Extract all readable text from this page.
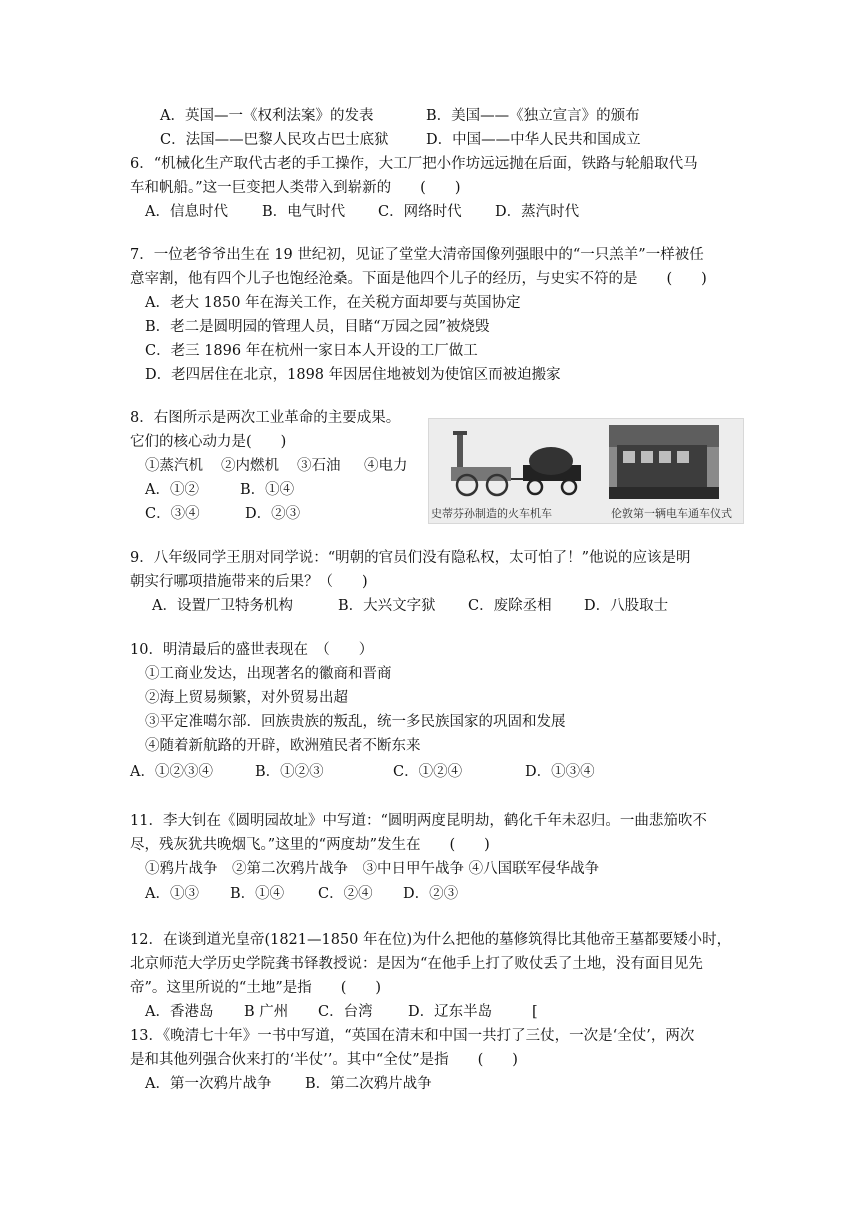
A．英国—一《权利法案》的发表	B．美国——《独立宣言》的颁布
C．法国——巴黎人民攻占巴士底狱	D．中国——中华人民共和国成立
6．“机械化生产取代古老的手工操作，大工厂把小作坊远远抛在后面，铁路与轮船取代马
车和帆船。”这一巨变把人类带入到崭新的　　(　　)
A．信息时代 B．电气时代 C．网络时代 D．蒸汽时代
7．一位老爷爷出生在 19 世纪初，见证了堂堂大清帝国像列强眼中的“一只羔羊”一样被任
意宰割，他有四个儿子也饱经沧桑。下面是他四个儿子的经历，与史实不符的是　　(　　)
A．老大 1850 年在海关工作，在关税方面却要与英国协定
B．老二是圆明园的管理人员，目睹“万园之园”被烧毁
C．老三 1896 年在杭州一家日本人开设的工厂做工
D．老四居住在北京，1898 年因居住地被划为使馆区而被迫搬家
8．右图所示是两次工业革命的主要成果。
它们的核心动力是(　　)
①蒸汽机 ②内燃机 ③石油 ④电力
A．①②	B．①④
C．③④	D．②③	史蒂芬孙制造的火车机车	伦敦第一辆电车通车仪式
9．八年级同学王朋对同学说：“明朝的官员们没有隐私权，太可怕了！”他说的应该是明
朝实行哪项措施带来的后果？（　　)
A．设置厂卫特务机构	B．大兴文字狱 C．废除丞相 D．八股取士
10．明清最后的盛世表现在　（　　）
①工商业发达，出现著名的徽商和晋商
②海上贸易频繁，对外贸易出超
③平定准噶尔部．回族贵族的叛乱，统一多民族国家的巩固和发展
④随着新航路的开辟，欧洲殖民者不断东来
A．①②③④	B．①②③	C．①②④	D．①③④
11．李大钊在《圆明园故址》中写道：“圆明两度昆明劫，鹤化千年未忍归。一曲悲笳吹不
尽，残灰犹共晚烟飞。”这里的“两度劫”发生在　　(　　)
①鸦片战争　②第二次鸦片战争　③中日甲午战争 ④八国联军侵华战争
A．①③ B．①④ C．②④ D．②③
12．在谈到道光皇帝(1821—1850 年在位)为什么把他的墓修筑得比其他帝王墓都要矮小时，
北京师范大学历史学院龚书铎教授说：是因为“在他手上打了败仗丢了土地，没有面目见先
帝”。这里所说的“土地”是指　　(　　)
A．香港岛 B 广州 C．台湾 D．辽东半岛	[
13．《晚清七十年》一书中写道，“英国在清末和中国一共打了三仗，一次是‘全仗’，两次
是和其他列强合伙来打的‘半仗’’。其中“全仗”是指　　(　　)
A．第一次鸦片战争 B．第二次鸦片战争
